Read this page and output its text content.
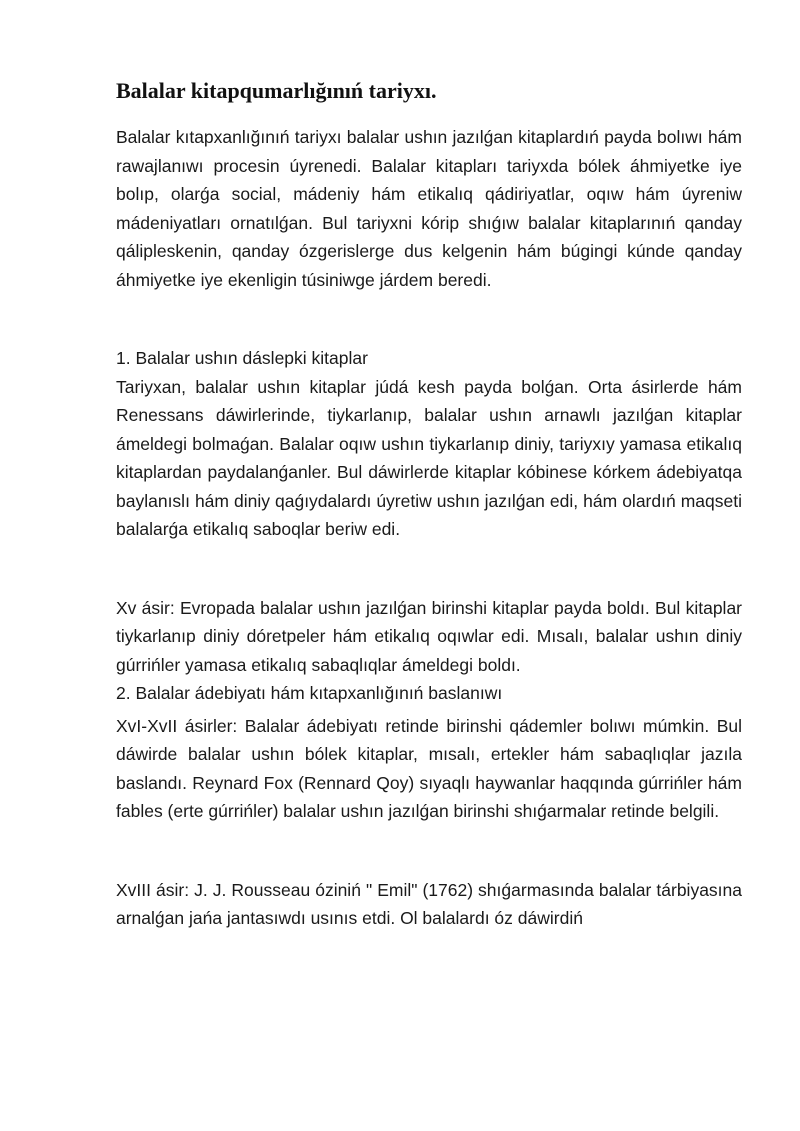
Balalar kitapqumarlığınıń tariyxı.

Balalar kıtapxanlığınıń tariyxı balalar ushın jazılǵan kitaplardıń payda bolıwı hám rawajlanıwı procesin úyrenedi. Balalar kitapları tariyxda bólek áhmiyetke iye bolıp, olarǵa social, mádeniy hám etikalıq qádiriyatlar, oqıw hám úyreniw mádeniyatları ornatılǵan. Bul tariyxni kórip shıǵıw balalar kitaplarınıń qanday qálipleskenin, qanday ózgerislerge dus kelgenin hám búgingi kúnde qanday áhmiyetke iye ekenligin túsiniwge járdem beredi.

1. Balalar ushın dáslepki kitaplar

Tariyxan, balalar ushın kitaplar júdá kesh payda bolǵan. Orta ásirlerde hám Renessans dáwirlerinde, tiykarlanıp, balalar ushın arnawlı jazılǵan kitaplar ámeldegi bolmaǵan. Balalar oqıw ushın tiykarlanıp diniy, tariyxıy yamasa etikalıq kitaplardan paydalanǵanler. Bul dáwirlerde kitaplar kóbinese kórkem ádebiyatqa baylanıslı hám diniy qaǵıydalardı úyretiw ushın jazılǵan edi, hám olardıń maqseti balalarǵa etikalıq saboqlar beriw edi.

Xv ásir: Evropada balalar ushın jazılǵan birinshi kitaplar payda boldı. Bul kitaplar tiykarlanıp diniy dóretpeler hám etikalıq oqıwlar edi. Mısalı, balalar ushın diniy gúrrińler yamasa etikalıq sabaqlıqlar ámeldegi boldı.

2. Balalar ádebiyatı hám kıtapxanlığınıń baslanıwı

XvI-XvII ásirler: Balalar ádebiyatı retinde birinshi qádemler bolıwı múmkin. Bul dáwirde balalar ushın bólek kitaplar, mısalı, ertekler hám sabaqlıqlar jazıla baslandı. Reynard Fox (Rennard Qoy) sıyaqlı haywanlar haqqında gúrrińler hám fables (erte gúrrińler) balalar ushın jazılǵan birinshi shıǵarmalar retinde belgili.

XvIII ásir: J. J. Rousseau óziniń " Emil" (1762) shıǵarmasında balalar tárbiyasına arnalǵan jańa jantasıwdı usınıs etdi. Ol balalardı óz dáwirdiń
